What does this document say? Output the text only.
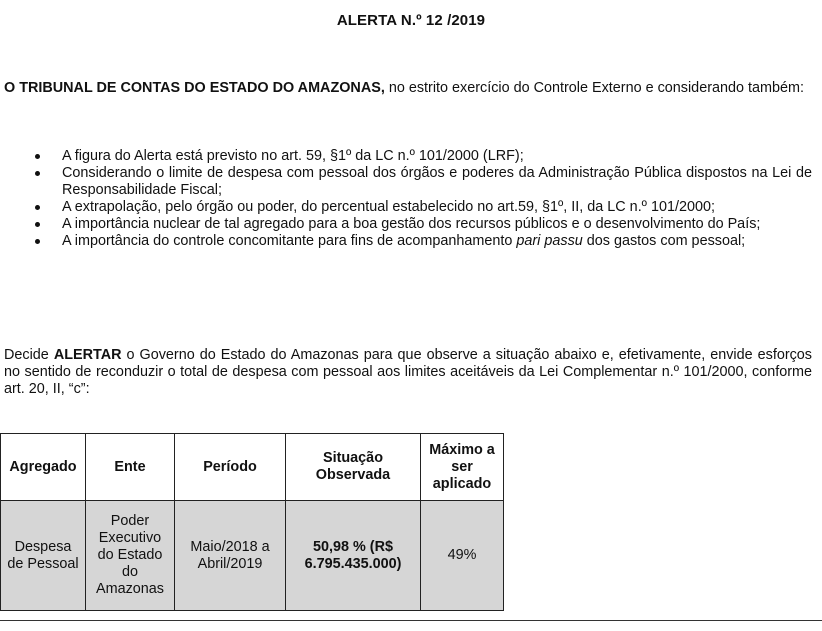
ALERTA N.º 12 /2019
O TRIBUNAL DE CONTAS DO ESTADO DO AMAZONAS, no estrito exercício do Controle Externo e considerando também:
A figura do Alerta está previsto no art. 59, §1º da LC n.º 101/2000 (LRF);
Considerando o limite de despesa com pessoal dos órgãos e poderes da Administração Pública dispostos na Lei de Responsabilidade Fiscal;
A extrapolação, pelo órgão ou poder, do percentual estabelecido no art.59, §1º, II, da LC n.º 101/2000;
A importância nuclear de tal agregado para a boa gestão dos recursos públicos e o desenvolvimento do País;
A importância do controle concomitante para fins de acompanhamento pari passu dos gastos com pessoal;
Decide ALERTAR o Governo do Estado do Amazonas para que observe a situação abaixo e, efetivamente, envide esforços no sentido de reconduzir o total de despesa com pessoal aos limites aceitáveis da Lei Complementar n.º 101/2000, conforme art. 20, II, “c”:
Agregado	Ente	Período	Situação Observada	Máximo a ser aplicado
Despesa de Pessoal	Poder Executivo do Estado do Amazonas	Maio/2018 a Abril/2019	50,98 % (R$ 6.795.435.000)	49%
